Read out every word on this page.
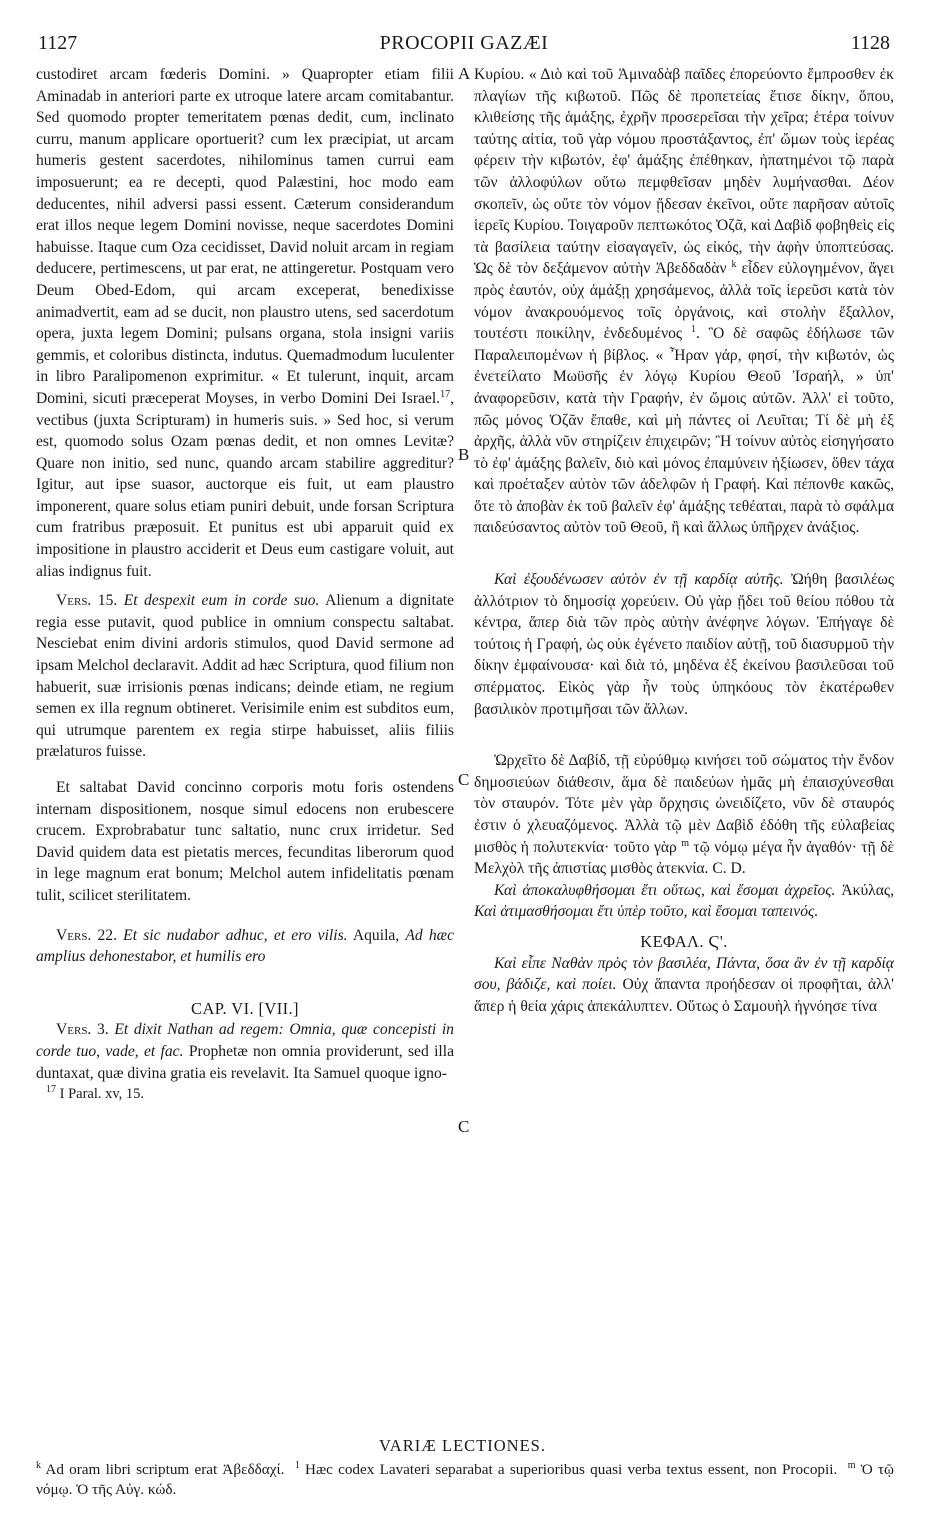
1127	PROCOPII GAZÆI	1128
A
B
C
C

custodiret arcam fœderis Domini. » Quapropter etiam filii Aminadab in anteriori parte ex utroque latere arcam comitabantur. Sed quomodo propter temeritatem pœnas dedit, cum, inclinato curru, manum applicare oportuerit? cum lex præcipiat, ut arcam humeris gestent sacerdotes, nihilominus tamen currui eam imposuerunt; ea re decepti, quod Palæstini, hoc modo eam deducentes, nihil adversi passi essent. Cæterum considerandum erat illos neque legem Domini novisse, neque sacerdotes Domini habuisse. Itaque cum Oza cecidisset, David noluit arcam in regiam deducere, pertimescens, ut par erat, ne attingeretur. Postquam vero Deum Obed-Edom, qui arcam exceperat, benedixisse animadvertit, eam ad se ducit, non plaustro utens, sed sacerdotum opera, juxta legem Domini; pulsans organa, stola insigni variis gemmis, et coloribus distincta, indutus. Quemadmodum luculenter in libro Paralipomenon exprimitur. « Et tulerunt, inquit, arcam Domini, sicuti præceperat Moyses, in verbo Domini Dei Israel.$^{17}$, vectibus (juxta Scripturam) in humeris suis. » Sed hoc, si verum est, quomodo solus Ozam pœnas dedit, et non omnes Levitæ? Quare non initio, sed nunc, quando arcam stabilire aggreditur? Igitur, aut ipse suasor, auctorque eis fuit, ut eam plaustro imponerent, quare solus etiam puniri debuit, unde forsan Scriptura cum fratribus præposuit. Et punitus est ubi apparuit quid ex impositione in plaustro acciderit et Deus eum castigare voluit, aut alias indignus fuit.

Vers. 15. Et despexit eum in corde suo. Alienum a dignitate regia esse putavit, quod publice in omnium conspectu saltabat. Nesciebat enim divini ardoris stimulos, quod David sermone ad ipsam Melchol declaravit. Addit ad hæc Scriptura, quod filium non habuerit, suæ irrisionis pœnas indicans; deinde etiam, ne regium semen ex illa regnum obtineret. Verisimile enim est subditos eum, qui utrumque parentem ex regia stirpe habuisset, aliis filiis prælaturos fuisse.

Et saltabat David concinno corporis motu foris ostendens internam dispositionem, nosque simul edocens non erubescere crucem. Exprobrabatur tunc saltatio, nunc crux irridetur. Sed David quidem data est pietatis merces, fecunditas liberorum quod in lege magnum erat bonum; Melchol autem infidelitatis pœnam tulit, scilicet sterilitatem.

Vers. 22. Et sic nudabor adhuc, et ero vilis. Aquila, Ad hæc amplius dehonestabor, et humilis ero

CAP. VI. [VII.]

Vers. 3. Et dixit Nathan ad regem: Omnia, quæ concepisti in corde tuo, vade, et fac. Prophetæ non omnia providerunt, sed illa duntaxat, quæ divina gratia eis revelavit. Ita Samuel quoque igno-

$^{17}$ I Paral. xv, 15.

Κυρίου. « Διὸ καὶ τοῦ Ἀμιναδὰβ παῖδες ἐπορεύοντο ἔμπροσθεν ἐκ πλαγίων τῆς κιβωτοῦ. Πῶς δὲ προπετείας ἔτισε δίκην, ὅπου, κλιθείσης τῆς ἁμάξης, ἐχρῆν προσερεῖσαι τὴν χεῖρα; ἑτέρα τοίνυν ταύτης αἰτία, τοῦ γὰρ νόμου προστάξαντος, ἐπ' ὤμων τοὺς ἱερέας φέρειν τὴν κιβωτόν, ἐφ' ἁμάξης ἐπέθηκαν, ἠπατημένοι τῷ παρὰ τῶν ἀλλοφύλων οὕτω πεμφθεῖσαν μηδὲν λυμήνασθαι. Δέον σκοπεῖν, ὡς οὔτε τὸν νόμον ᾔδεσαν ἐκεῖνοι, οὔτε παρῆσαν αὐτοῖς ἱερεῖς Κυρίου. Τοιγαροῦν πεπτωκότος Ὀζᾶ, καὶ Δαβὶδ φοβηθεὶς εἰς τὰ βασίλεια ταύτην εἰσαγαγεῖν, ὡς εἰκός, τὴν ἀφὴν ὑποπτεύσας. Ὡς δὲ τὸν δεξάμενον αὐτὴν Ἀβεδδαδὰν $^k$ εἶδεν εὐλογημένον, ἄγει πρὸς ἑαυτόν, οὐχ ἁμάξῃ χρησάμενος, ἀλλὰ τοῖς ἱερεῦσι κατὰ τὸν νόμον ἀνακρουόμενος τοῖς ὀργάνοις, καὶ στολὴν ἔξαλλον, τουτέστι ποικίλην, ἐνδεδυμένος $^1$. Ὃ δὲ σαφῶς ἐδήλωσε τῶν Παραλειπομένων ἡ βίβλος. « Ἦραν γάρ, φησί, τὴν κιβωτόν, ὡς ἐνετείλατο Μωϋσῆς ἐν λόγῳ Κυρίου Θεοῦ Ἰσραήλ, » ὑπ' ἀναφορεῦσιν, κατὰ τὴν Γραφήν, ἐν ὤμοις αὐτῶν. Ἀλλ' εἰ τοῦτο, πῶς μόνος Ὀζᾶν ἔπαθε, καὶ μὴ πάντες οἱ Λευῖται; Τί δὲ μὴ ἐξ ἀρχῆς, ἀλλὰ νῦν στηρίζειν ἐπιχειρῶν; Ἢ τοίνυν αὐτὸς εἰσηγήσατο τὸ ἐφ' ἁμάξης βαλεῖν, διὸ καὶ μόνος ἐπαμύνειν ἠξίωσεν, ὅθεν τάχα καὶ προέταξεν αὐτὸν τῶν ἀδελφῶν ἡ Γραφή. Καὶ πέπονθε κακῶς, ὅτε τὸ ἀποβὰν ἐκ τοῦ βαλεῖν ἐφ' ἁμάξης τεθέαται, παρὰ τὸ σφάλμα παιδεύσαντος αὐτὸν τοῦ Θεοῦ, ἢ καὶ ἄλλως ὑπῆρχεν ἀνάξιος.

Καὶ ἐξουδένωσεν αὐτὸν ἐν τῇ καρδίᾳ αὐτῆς. Ὠήθη βασιλέως ἀλλότριον τὸ δημοσίᾳ χορεύειν. Οὐ γὰρ ᾔδει τοῦ θείου πόθου τὰ κέντρα, ἅπερ διὰ τῶν πρὸς αὐτὴν ἀνέφηνε λόγων. Ἐπήγαγε δὲ τούτοις ἡ Γραφή, ὡς οὐκ ἐγένετο παιδίον αὐτῇ, τοῦ διασυρμοῦ τὴν δίκην ἐμφαίνουσα· καὶ διὰ τό, μηδένα ἐξ ἐκείνου βασιλεῦσαι τοῦ σπέρματος. Εἰκὸς γὰρ ἦν τοὺς ὑπηκόους τὸν ἑκατέρωθεν βασιλικὸν προτιμῆσαι τῶν ἄλλων.

Ὠρχεῖτο δὲ Δαβίδ, τῇ εὐρύθμῳ κινήσει τοῦ σώματος τὴν ἔνδον δημοσιεύων διάθεσιν, ἅμα δὲ παιδεύων ἡμᾶς μὴ ἐπαισχύνεσθαι τὸν σταυρόν. Τότε μὲν γὰρ ὄρχησις ὠνειδίζετο, νῦν δὲ σταυρός ἐστιν ὁ χλευαζόμενος. Ἀλλὰ τῷ μὲν Δαβὶδ ἐδόθη τῆς εὐλαβείας μισθὸς ἡ πολυτεκνία· τοῦτο γὰρ $^m$ τῷ νόμῳ μέγα ἦν ἀγαθόν· τῇ δὲ Μελχὸλ τῆς ἀπιστίας μισθὸς ἀτεκνία. C. D.

Καὶ ἀποκαλυφθήσομαι ἔτι οὕτως, καὶ ἔσομαι ἀχρεῖος. Ἀκύλας, Καὶ ἀτιμασθήσομαι ἔτι ὑπὲρ τοῦτο, καὶ ἔσομαι ταπεινός.

ΚΕΦΑΛ. Ϛ'.

Καὶ εἶπε Ναθὰν πρὸς τὸν βασιλέα, Πάντα, ὅσα ἂν ἐν τῇ καρδίᾳ σου, βάδιζε, καὶ ποίει. Οὐχ ἅπαντα προήδεσαν οἱ προφῆται, ἀλλ' ἅπερ ἡ θεία χάρις ἀπεκάλυπτεν. Οὕτως ὁ Σαμουὴλ ἠγνόησε τίνα

VARIÆ LECTIONES.

$^k$ Ad oram libri scriptum erat Ἀβεδδαχί. $^1$ Hæc codex Lavateri separabat a superioribus quasi verba textus essent, non Procopii. $^m$ Ὁ τῷ νόμῳ. Ὁ τῆς Αὐγ. κώδ.
